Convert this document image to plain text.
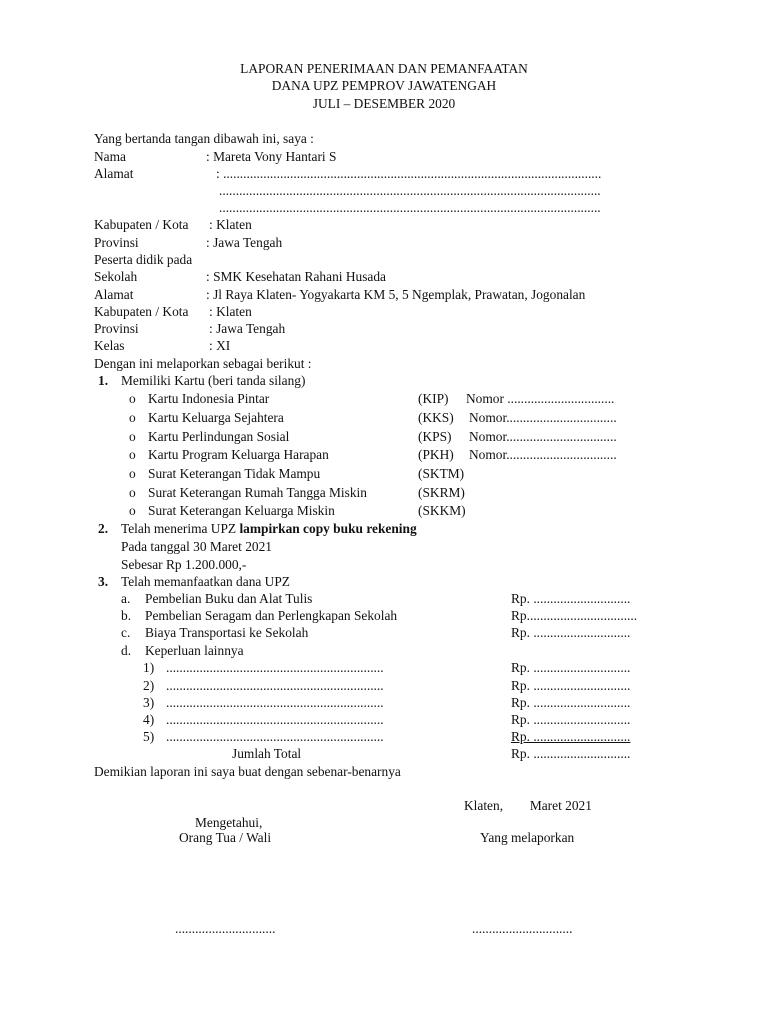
LAPORAN PENERIMAAN DAN PEMANFAATAN
DANA UPZ PEMPROV JAWATENGAH
JULI – DESEMBER 2020
Yang bertanda tangan dibawah ini, saya :
Nama	: Mareta Vony Hantari S
Alamat	: .................................................................................................................
..................................................................................................................
..................................................................................................................
Kabupaten / Kota : Klaten
Provinsi	: Jawa Tengah
Peserta didik pada
Sekolah	: SMK Kesehatan Rahani Husada
Alamat	: Jl Raya Klaten- Yogyakarta KM 5, 5 Ngemplak, Prawatan, Jogonalan
Kabupaten / Kota : Klaten
Provinsi	: Jawa Tengah
Kelas	: XI
Dengan ini melaporkan sebagai berikut :
1. Memiliki Kartu (beri tanda silang)
o Kartu Indonesia Pintar	(KIP) Nomor ................................
o Kartu Keluarga Sejahtera	(KKS) Nomor.................................
o Kartu Perlindungan Sosial	(KPS) Nomor.................................
o Kartu Program Keluarga Harapan	(PKH) Nomor.................................
o Surat Keterangan Tidak Mampu	(SKTM)
o Surat Keterangan Rumah Tangga Miskin	(SKRM)
o Surat Keterangan Keluarga Miskin	(SKKM)
2. Telah menerima UPZ lampirkan copy buku rekening
Pada tanggal 30 Maret 2021
Sebesar Rp 1.200.000,-
3. Telah memanfaatkan dana UPZ
a. Pembelian Buku dan Alat Tulis	Rp. .............................
b. Pembelian Seragam dan Perlengkapan Sekolah	Rp.................................
c. Biaya Transportasi ke Sekolah	Rp. .............................
d. Keperluan lainnya
1) .................................................................	Rp. .............................
2) .................................................................	Rp. .............................
3) .................................................................	Rp. .............................
4) .................................................................	Rp. .............................
5) .................................................................	Rp. .............................
Jumlah Total	Rp. .............................
Demikian laporan ini saya buat dengan sebenar-benarnya
Klaten,        Maret 2021
Mengetahui,
Orang Tua / Wali	Yang melaporkan
..............................	..............................
